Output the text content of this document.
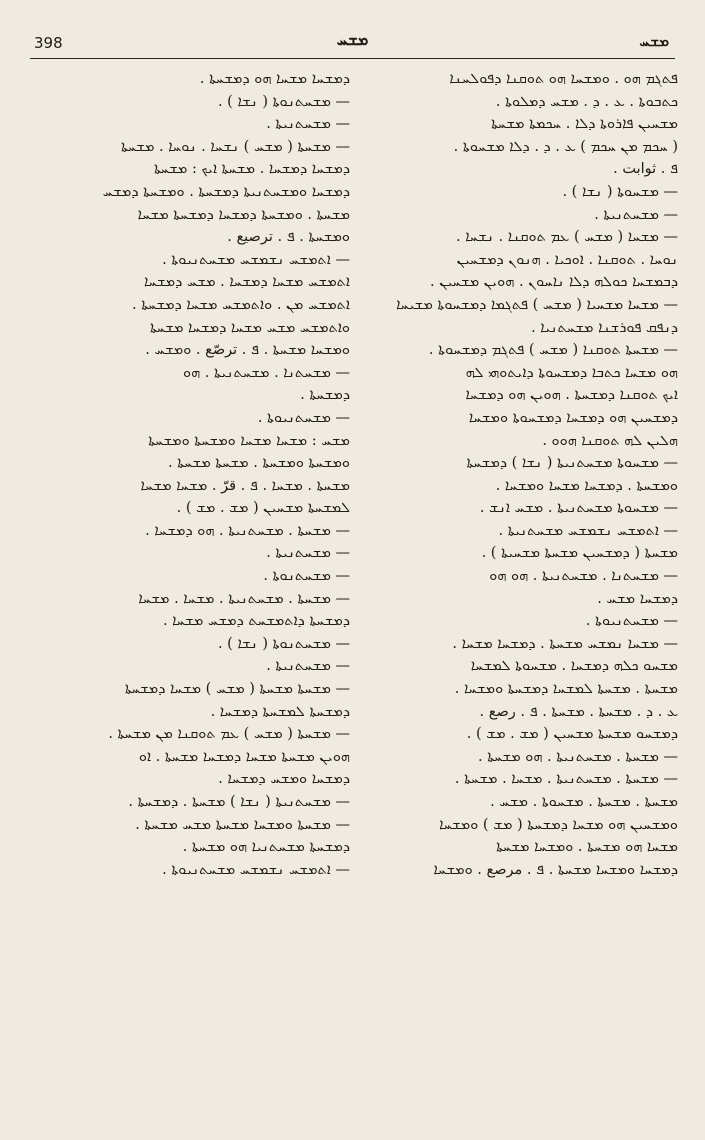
398	ܡܫܚ	ܡܫܚ
ܦܬܓܡ ܗܘ . ܘܡܫܚܐ ܗܘ ܬܘܩܢܐ ܕܦܘܠܚܢܐ
ܟܬܒܘܬܐ . ܥ . ܕ . ܡܫܚ ܕܡܠܘܬܐ .
ܡܫܚܝܢ ܦܐܪܘܬܐ ܕܠܐ . ܚܟܡܬܐ ܡܫܚܬܐ
( ܚܟܡ ܡܢ ܚܟܡ ) ܥ . ܕ . ܕܠܐ ܡܫܚܘܬܐ .
ܦ . ثوابت .
— ܡܫܚܘܬܐ ( ܢܫܐ ) .
— ܡܫܚܬܢܝܬܐ .
— ܡܫܚܐ ( ܡܫܚ ) ܥܡ ܬܘܩܢܐ . ܢܫܚܐ .
ܢܘܚܐ . ܬܘܩܢܐ . ܐܘܟܝܐ . ܗܢܘܢ ܕܡܫܚܝܢ
ܕܒܡܫܚܐ ܟܘܠܗ ܕܠܐ ܢܐܚܘܢ . ܗܘܝܢ ܡܫܚܝܢ .
— ܡܫܚܐ ܡܫܚܝܐ ( ܡܫܚ ) ܦܬܓܡܐ ܕܡܫܚܘܬܐ ܡܫܝܚܐ
ܕܢܦܩ ܦܘܪܫܢܐ ܡܫܚܬܢܝܐ .
— ܡܫܚܬܐ ܬܘܩܢܐ ( ܡܫܚ ) ܦܬܓܡ ܕܡܫܚܘܬܐ .
ܗܘ ܡܫܚܐ ܟܬܒܐ ܕܡܫܚܘܬܐ ܕܐܝܬܘܗܝ ܠܗ
ܐܝܟ ܬܘܩܢܐ ܕܡܫܚܬܐ . ܗܘܝܢ ܗܘ ܕܡܫܚܐ
ܕܡܫܚܝܢ ܗܘ ܕܡܫܚܐ ܕܡܫܚܘܬܐ ܘܡܫܚܐ
ܗܠܝܢ ܠܗ ܬܘܩܢܐ ܗܘܘ .
— ܡܫܚܘܬܐ ܡܫܚܬܢܝܬܐ ( ܢܫܐ ) ܕܡܫܚܬܐ
ܘܡܫܚܬܐ . ܕܡܫܚܐ ܡܫܚܐ ܘܡܫܚܐ .
— ܡܫܚܘܬܐ ܡܫܚܬܢܝܬܐ . ܡܫܚ ܐܢܫ .
— ܐܬܡܫܚ ܢܫܡܫܚ ܡܫܚܬܢܝܬܐ .
ܡܫܚܬܐ ( ܕܡܫܚܝܢ ܡܫܚܬܐ ܡܫܚܝܬܐ ) .
— ܡܫܚܬܢܐ . ܡܫܚܬܢܝܬܐ . ܗܘ ܗܘ
ܕܡܫܚܐ ܡܫܚ .
— ܡܫܚܬܢܝܘܬܐ .
— ܡܫܚܐ ܢܡܫܚ ܡܫܚܬܐ . ܕܡܫܚܐ ܡܫܚܐ .
ܡܫܚܘ ܟܠܗ ܕܡܫܚܐ . ܡܫܚܘܬܐ ܠܡܫܚܐ
ܡܫܚܬܐ . ܡܫܚܬܐ ܠܡܫܚܐ ܕܡܫܚܬܐ ܘܡܫܚܐ .
ܥ . ܕ . ܡܫܚܬܐ . ܡܫܚܬܐ . ܦ . رصع .
ܕܡܫܚܘ ܡܫܚܬܐ ܡܫܚܝܢ ( ܡܫ . ܡܫ ) .
— ܡܫܚܬܐ . ܡܫܚܬܢܝܬܐ . ܗܘ ܡܫܚܬܐ .
— ܡܫܚܬܐ . ܡܫܚܬܢܝܬܐ . ܡܫܚܐ . ܡܫܚܬܐ .
ܡܫܚܬܐ . ܡܫܚܬܐ . ܡܫܚܘܬܐ . ܡܫܚ .
ܘܡܫܚܝܢ ܗܘ ܡܫܚܐ ܕܡܫܚܬܐ ( ܡܫ ) ܘܡܫܚܐ
ܡܫܚܐ ܗܘ ܡܫܚܬܐ . ܘܡܫܚܐ ܡܫܚܬܐ
ܕܡܫܚܐ ܘܡܫܚܐ ܡܫܚܬܐ . ܦ . مرصع . ܘܡܫܚܐ
ܕܡܫܚܐ ܡܫܚܐ ܗܘ ܕܡܫܚܬܐ .
— ܡܫܚܬܢܘܬܐ ( ܢܫܐ ) .
— ܡܫܚܬܢܝܬܐ .
— ܡܫܚܬܐ ( ܡܫܚ ) ܢܫܚܐ . ܢܘܚܐ . ܡܫܚܬܐ
ܕܡܫܚܐ ܕܡܫܚܐ . ܡܫܚܬܐ ܐܝܟ : ܡܫܚܬܐ
ܕܡܫܚܐ ܘܡܫܚܬܢܝܬܐ ܕܡܫܚܬܐ . ܘܡܫܚܬܐ ܕܡܫܚ
ܡܫܚܬܐ . ܘܡܫܚܬܐ ܕܡܫܚܐ ܕܡܫܚܬܐ ܡܫܚܐ
ܘܡܫܚܬܐ . ܦ . ترصيع .
— ܐܬܡܫܚ ܢܫܡܫܚ ܡܫܚܬܢܝܘܬܐ .
ܐܬܡܫܚ ܡܫܚܐ ܕܡܫܚܐ . ܡܫܚ ܕܡܫܚܐ
ܐܬܡܫܚ ܡܢ . ܘܐܬܡܫܚ ܡܫܚܐ ܕܡܫܚܬܐ .
ܘܐܬܡܫܚ ܡܫܚ ܡܫܚܐ ܕܡܫܚܐ ܡܫܚܬܐ
ܘܡܫܚܐ ܡܫܚܬܐ . ܦ . ترصّع . ܘܡܫܚ .
— ܡܫܚܬܢܐ . ܡܫܚܬܢܝܬܐ . ܗܘ
ܕܡܫܚܬܐ .
— ܡܫܚܬܢܝܘܬܐ .
ܡܫܚ : ܡܫܚܐ ܡܫܚܐ ܘܡܫܚܬܐ ܘܡܫܚܬܐ
ܘܡܫܚܬܐ ܘܡܫܚܬܐ . ܡܫܚܬܐ ܡܫܚܬܐ .
ܡܫܚܬܐ . ܡܫܚܐ . ܦ . قرّ . ܡܫܚܐ ܡܫܚܐ
ܠܡܫܚܬܐ ܡܫܚܝܢ ( ܡܫ . ܡܫ ) .
— ܡܫܚܬܐ . ܡܫܚܬܢܝܬܐ . ܗܘ ܕܡܫܚܐ .
— ܡܫܚܬܢܝܬܐ .
— ܡܫܚܬܢܘܬܐ .
— ܡܫܚܬܐ . ܡܫܚܬܢܝܬܐ . ܡܫܚܐ . ܡܫܚܐ
ܕܡܫܚܬܐ ܕܐܬܡܫܚܬ ܕܡܫܚ ܡܫܚܐ .
— ܡܫܚܬܢܘܬܐ ( ܢܫܐ ) .
— ܡܫܚܬܢܝܬܐ .
— ܡܫܚܬܐ ܡܫܚܬܐ ( ܡܫܚ ) ܡܫܚܐ ܕܡܫܚܬܐ
ܕܡܫܚܬܐ ܠܡܫܚܬܐ ܕܡܫܚܐ .
— ܡܫܚܬܐ ( ܡܫܚ ) ܥܡ ܬܘܩܢܐ ܡܢ ܡܫܚܬܐ .
ܗܘܝܢ ܡܫܚܬܐ ܡܫܚܐ ܕܡܫܚܐ ܡܫܚܬܐ . ܐܘ
ܕܡܫܚܐ ܘܡܫܚ ܕܡܫܚܐ .
— ܡܫܚܬܢܝܬܐ ( ܢܫܐ ) ܡܫܚܬܐ . ܕܡܫܚܬܐ .
— ܡܫܚܬܐ ܘܡܫܚܐ ܡܫܚܬܐ ܡܫܚ ܡܫܚܬܐ .
ܕܡܫܚܬܐ ܡܫܚܬܢܝܐ ܗܘ ܡܫܚܬܐ .
— ܐܬܡܫܚ ܢܫܡܫܚ ܡܫܚܬܢܝܘܬܐ .
